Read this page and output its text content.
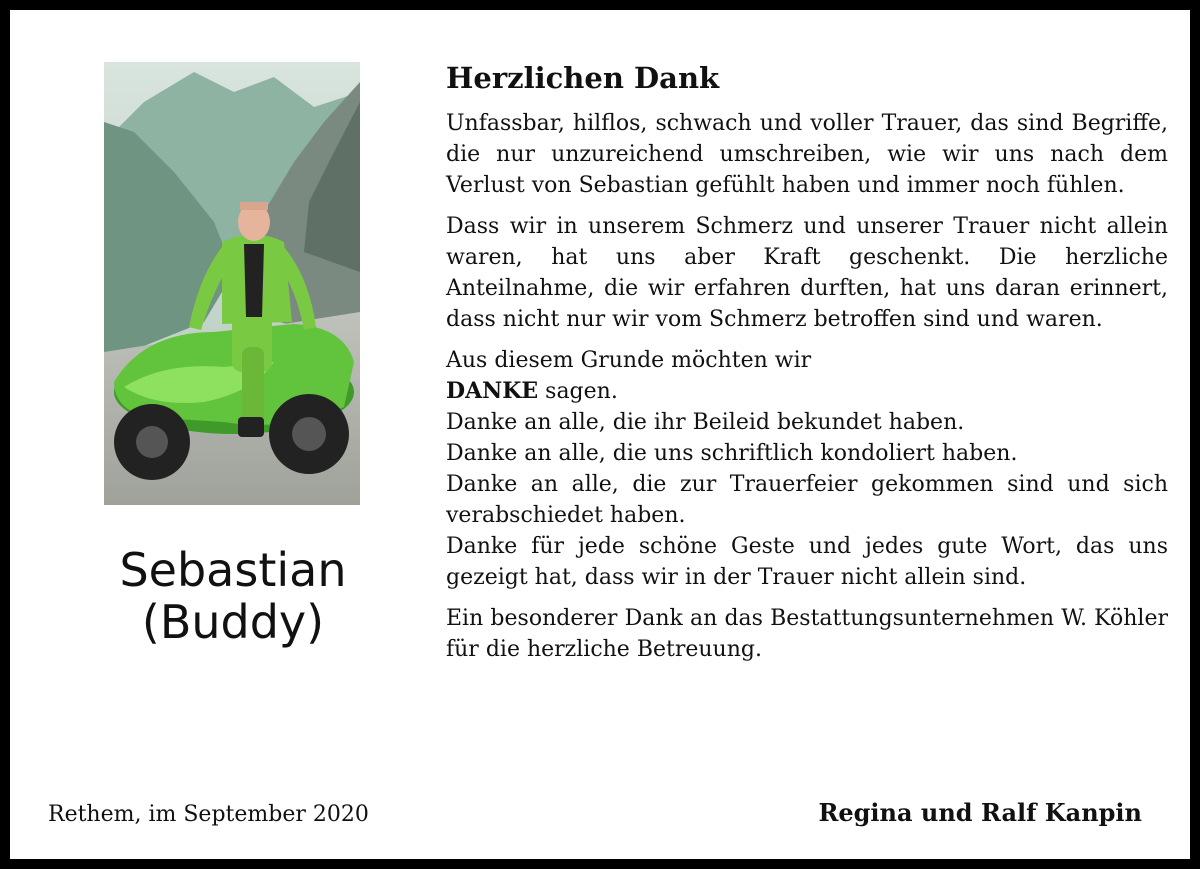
Sebastian
(Buddy)
Herzlichen Dank
Unfassbar, hilflos, schwach und voller Trauer, das sind Begriffe, die nur unzureichend umschreiben, wie wir uns nach dem Verlust von Sebastian gefühlt haben und immer noch fühlen.
Dass wir in unserem Schmerz und unserer Trauer nicht allein waren, hat uns aber Kraft geschenkt. Die herzliche Anteilnahme, die wir erfahren durften, hat uns daran erinnert, dass nicht nur wir vom Schmerz betroffen sind und waren.
Aus diesem Grunde möchten wir
DANKE sagen.
Danke an alle, die ihr Beileid bekundet haben.
Danke an alle, die uns schriftlich kondoliert haben.
Danke an alle, die zur Trauerfeier gekommen sind und sich verabschiedet haben.
Danke für jede schöne Geste und jedes gute Wort, das uns gezeigt hat, dass wir in der Trauer nicht allein sind.
Ein besonderer Dank an das Bestattungsunternehmen W. Köhler für die herzliche Betreuung.
Rethem, im September 2020	Regina und Ralf Kanpin
